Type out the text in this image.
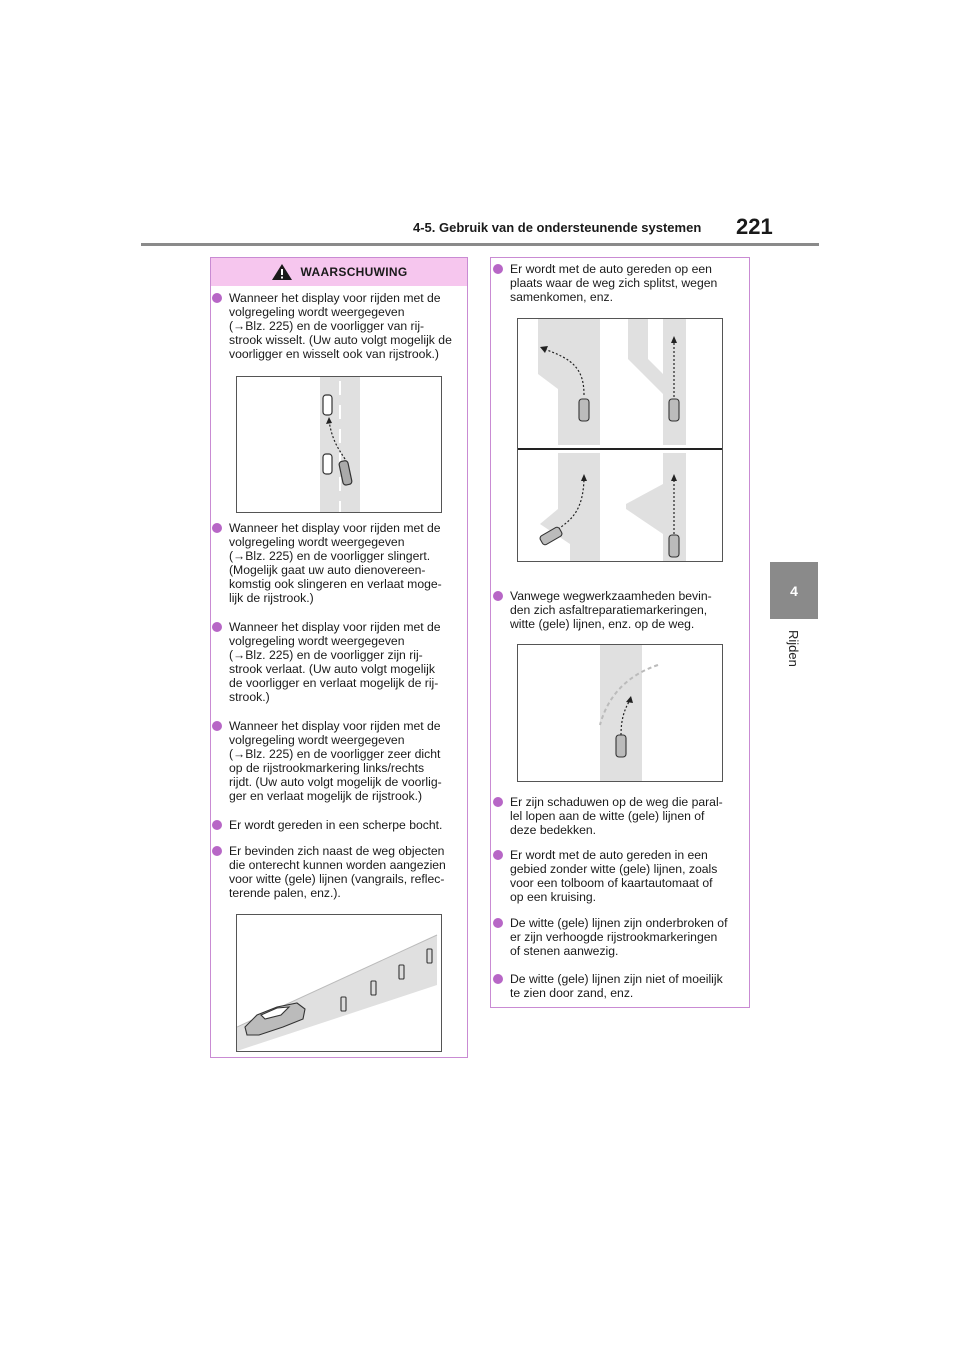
4-5. Gebruik van de ondersteunende systemen 221
4
Rijden
WAARSCHUWING
Wanneer het display voor rijden met de
volgregeling wordt weergegeven
(→Blz. 225) en de voorligger van rij-
strook wisselt. (Uw auto volgt mogelijk de
voorligger en wisselt ook van rijstrook.)
Wanneer het display voor rijden met de
volgregeling wordt weergegeven
(→Blz. 225) en de voorligger slingert.
(Mogelijk gaat uw auto dienovereen-
komstig ook slingeren en verlaat moge-
lijk de rijstrook.)
Wanneer het display voor rijden met de
volgregeling wordt weergegeven
(→Blz. 225) en de voorligger zijn rij-
strook verlaat. (Uw auto volgt mogelijk
de voorligger en verlaat mogelijk de rij-
strook.)
Wanneer het display voor rijden met de
volgregeling wordt weergegeven
(→Blz. 225) en de voorligger zeer dicht
op de rijstrookmarkering links/rechts
rijdt. (Uw auto volgt mogelijk de voorlig-
ger en verlaat mogelijk de rijstrook.)
Er wordt gereden in een scherpe bocht.
Er bevinden zich naast de weg objecten
die onterecht kunnen worden aangezien
voor witte (gele) lijnen (vangrails, reflec-
terende palen, enz.).
Er wordt met de auto gereden op een
plaats waar de weg zich splitst, wegen
samenkomen, enz.
Vanwege wegwerkzaamheden bevin-
den zich asfaltreparatiemarkeringen,
witte (gele) lijnen, enz. op de weg.
Er zijn schaduwen op de weg die paral-
lel lopen aan de witte (gele) lijnen of
deze bedekken.
Er wordt met de auto gereden in een
gebied zonder witte (gele) lijnen, zoals
voor een tolboom of kaartautomaat of
op een kruising.
De witte (gele) lijnen zijn onderbroken of
er zijn verhoogde rijstrookmarkeringen
of stenen aanwezig.
De witte (gele) lijnen zijn niet of moeilijk
te zien door zand, enz.
